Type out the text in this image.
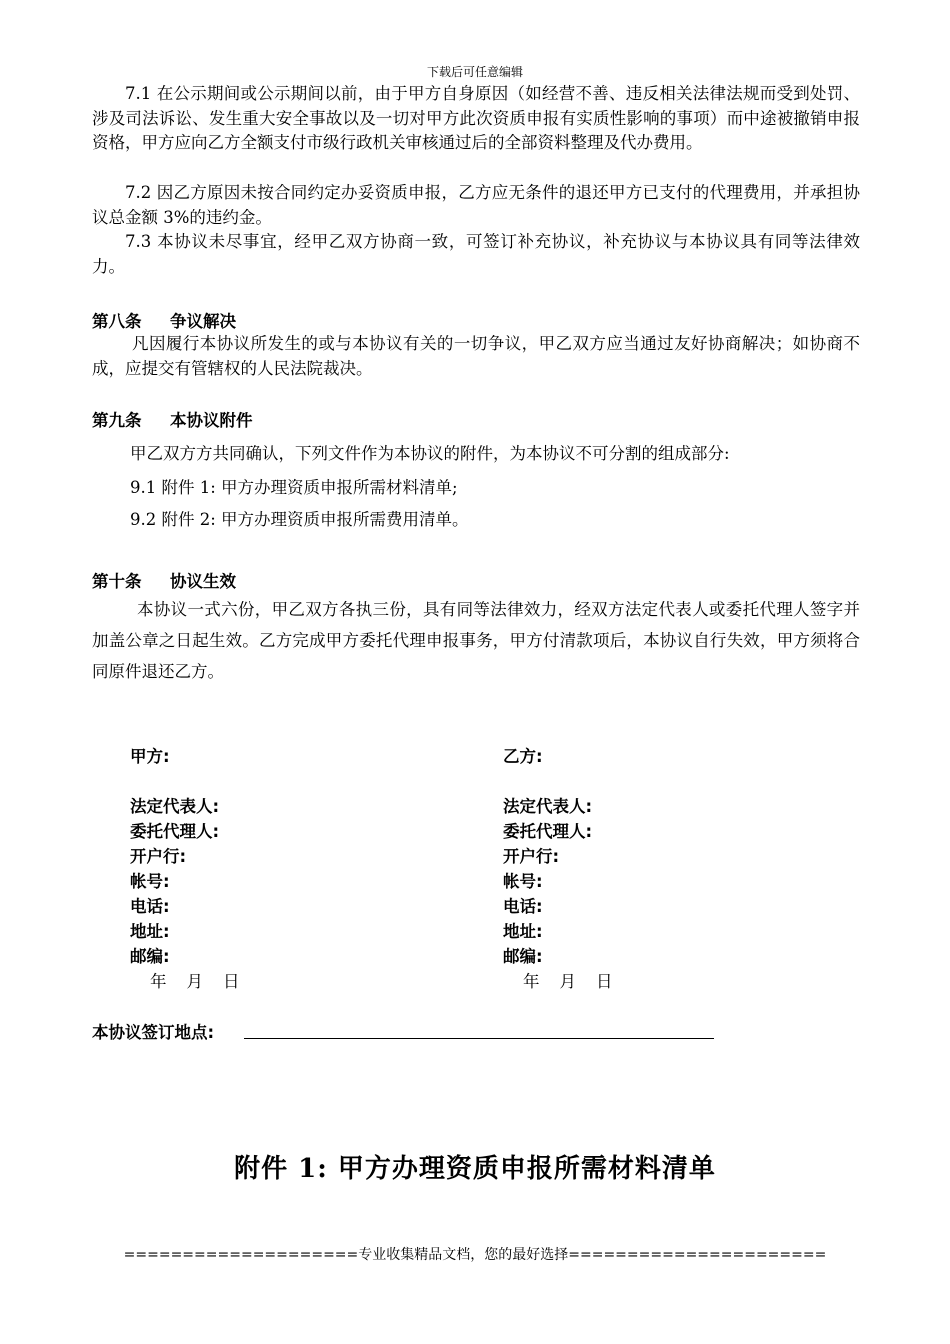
下载后可任意编辑
7.1 在公示期间或公示期间以前，由于甲方自身原因（如经营不善、违反相关法律法规而受到处罚、涉及司法诉讼、发生重大安全事故以及一切对甲方此次资质申报有实质性影响的事项）而中途被撤销申报资格，甲方应向乙方全额支付市级行政机关审核通过后的全部资料整理及代办费用。
7.2 因乙方原因未按合同约定办妥资质申报，乙方应无条件的退还甲方已支付的代理费用，并承担协议总金额 3%的违约金。
7.3 本协议未尽事宜，经甲乙双方协商一致，可签订补充协议，补充协议与本协议具有同等法律效力。
第八条 争议解决
凡因履行本协议所发生的或与本协议有关的一切争议，甲乙双方应当通过友好协商解决；如协商不成，应提交有管辖权的人民法院裁决。
第九条 本协议附件
甲乙双方方共同确认，下列文件作为本协议的附件，为本协议不可分割的组成部分:
9.1 附件 1: 甲方办理资质申报所需材料清单;
9.2 附件 2: 甲方办理资质申报所需费用清单。
第十条 协议生效
本协议一式六份，甲乙双方各执三份，具有同等法律效力，经双方法定代表人或委托代理人签字并加盖公章之日起生效。乙方完成甲方委托代理申报事务，甲方付清款项后，本协议自行失效，甲方须将合同原件退还乙方。
甲方:
法定代表人:
委托代理人:
开户行:
帐号:
电话:
地址:
邮编:
年 月 日
乙方:
法定代表人:
委托代理人:
开户行:
帐号:
电话:
地址:
邮编:
年 月 日
本协议签订地点:
附件 1: 甲方办理资质申报所需材料清单
====================专业收集精品文档，您的最好选择======================
